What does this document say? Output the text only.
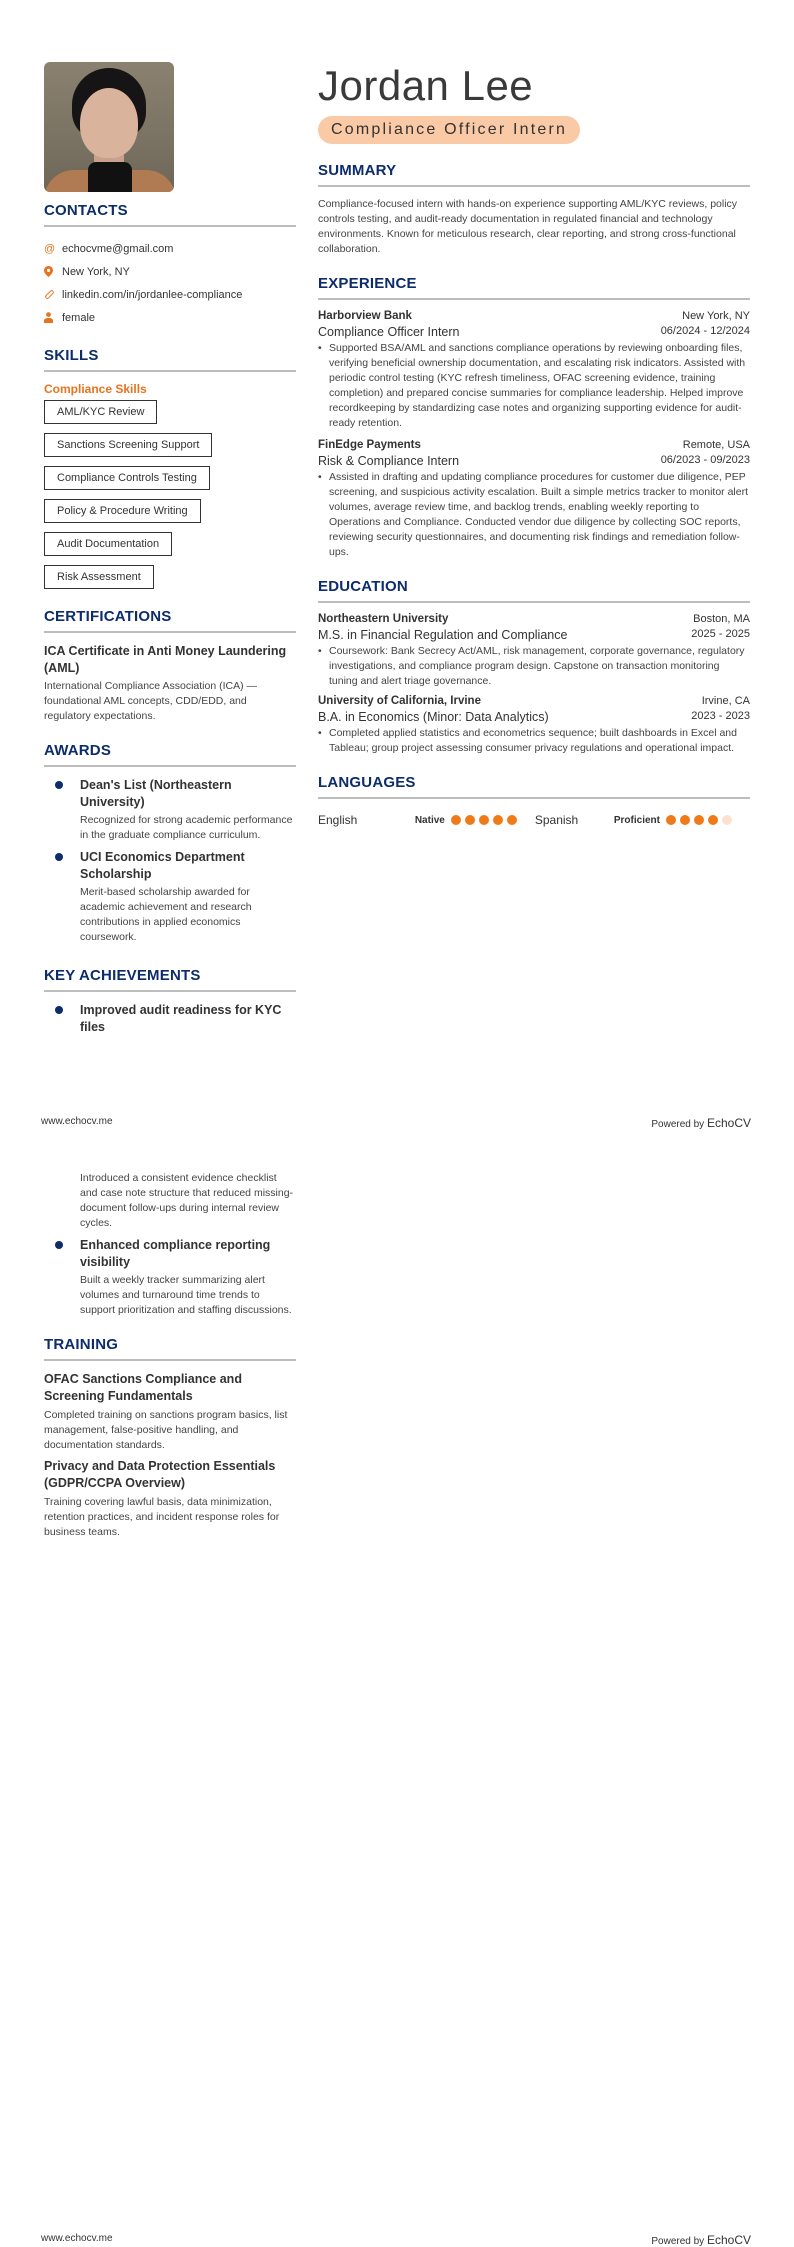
CONTACTS
@ echocvme@gmail.com
New York, NY
linkedin.com/in/jordanlee-compliance
female
SKILLS
Compliance Skills
AML/KYC Review
Sanctions Screening Support
Compliance Controls Testing
Policy & Procedure Writing
Audit Documentation
Risk Assessment
CERTIFICATIONS
ICA Certificate in Anti Money Laundering (AML)
International Compliance Association (ICA) — foundational AML concepts, CDD/EDD, and regulatory expectations.
AWARDS
Dean's List (Northeastern University)
Recognized for strong academic performance in the graduate compliance curriculum.
UCI Economics Department Scholarship
Merit-based scholarship awarded for academic achievement and research contributions in applied economics coursework.
KEY ACHIEVEMENTS
Improved audit readiness for KYC files
Jordan Lee
Compliance Officer Intern
SUMMARY
Compliance-focused intern with hands-on experience supporting AML/KYC reviews, policy controls testing, and audit-ready documentation in regulated financial and technology environments. Known for meticulous research, clear reporting, and strong cross-functional collaboration.
EXPERIENCE
Harborview Bank	New York, NY
Compliance Officer Intern	06/2024 - 12/2024
• Supported BSA/AML and sanctions compliance operations by reviewing onboarding files, verifying beneficial ownership documentation, and escalating risk indicators. Assisted with periodic control testing (KYC refresh timeliness, OFAC screening evidence, training completion) and prepared concise summaries for compliance leadership. Helped improve recordkeeping by standardizing case notes and organizing supporting evidence for audit-ready retention.
FinEdge Payments	Remote, USA
Risk & Compliance Intern	06/2023 - 09/2023
• Assisted in drafting and updating compliance procedures for customer due diligence, PEP screening, and suspicious activity escalation. Built a simple metrics tracker to monitor alert volumes, average review time, and backlog trends, enabling weekly reporting to Operations and Compliance. Conducted vendor due diligence by collecting SOC reports, reviewing security questionnaires, and documenting risk findings and remediation follow-ups.
EDUCATION
Northeastern University	Boston, MA
M.S. in Financial Regulation and Compliance	2025 - 2025
• Coursework: Bank Secrecy Act/AML, risk management, corporate governance, regulatory investigations, and compliance program design. Capstone on transaction monitoring tuning and alert triage governance.
University of California, Irvine	Irvine, CA
B.A. in Economics (Minor: Data Analytics)	2023 - 2023
• Completed applied statistics and econometrics sequence; built dashboards in Excel and Tableau; group project assessing consumer privacy regulations and operational impact.
LANGUAGES
English	Native	Spanish	Proficient
www.echocv.me	Powered by EchoCV
Introduced a consistent evidence checklist and case note structure that reduced missing-document follow-ups during internal review cycles.
Enhanced compliance reporting visibility
Built a weekly tracker summarizing alert volumes and turnaround time trends to support prioritization and staffing discussions.
TRAINING
OFAC Sanctions Compliance and Screening Fundamentals
Completed training on sanctions program basics, list management, false-positive handling, and documentation standards.
Privacy and Data Protection Essentials (GDPR/CCPA Overview)
Training covering lawful basis, data minimization, retention practices, and incident response roles for business teams.
www.echocv.me	Powered by EchoCV
